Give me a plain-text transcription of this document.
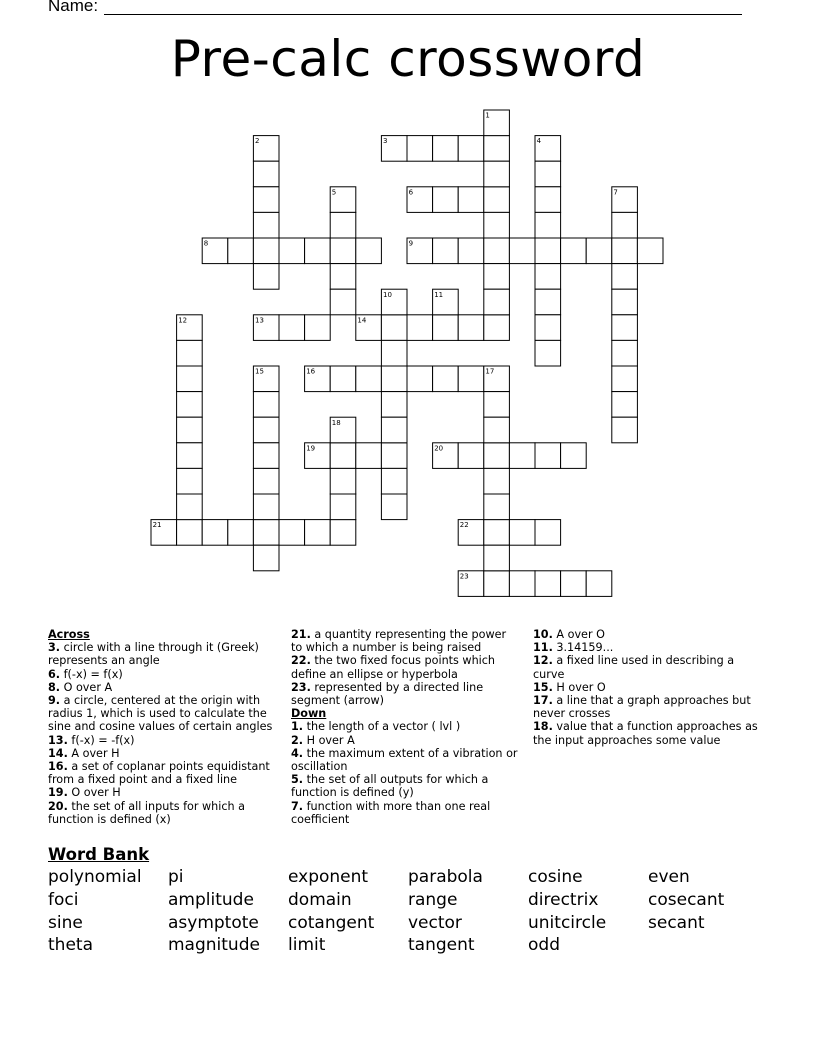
Name:
Pre-calc crossword
3
6
8	9
13	14
16	17
19	20
21	22
23
1
2	4
5	7
10	11
12
15
18
Across
3. circle with a line through it (Greek) represents an angle
6. f(-x) = f(x)
8. O over A
9. a circle, centered at the origin with radius 1, which is used to calculate the sine and cosine values of certain angles
13. f(-x) = -f(x)
14. A over H
16. a set of coplanar points equidistant from a fixed point and a fixed line
19. O over H
20. the set of all inputs for which a function is defined (x)
21. a quantity representing the power to which a number is being raised
22. the two fixed focus points which define an ellipse or hyperbola
23. represented by a directed line segment (arrow)
Down
1. the length of a vector ( lvl )
2. H over A
4. the maximum extent of a vibration or oscillation
5. the set of all outputs for which a function is defined (y)
7. function with more than one real coefficient
10. A over O
11. 3.14159...
12. a fixed line used in describing a curve
15. H over O
17. a line that a graph approaches but never crosses
18. value that a function approaches as the input approaches some value
Word Bank
polynomial	pi	exponent	parabola	cosine	even
foci	amplitude	domain	range	directrix	cosecant
sine	asymptote	cotangent	vector	unitcircle	secant
theta	magnitude	limit	tangent	odd
